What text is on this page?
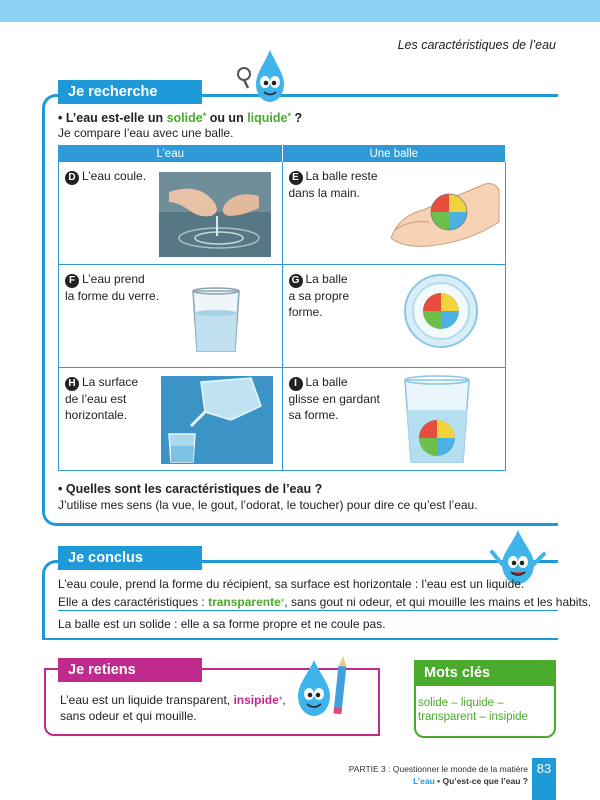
Les caractéristiques de l’eau
Je recherche
• L’eau est-elle un solide* ou un liquide* ?
Je compare l’eau avec une balle.
L’eau	Une balle

D L’eau coule.	E La balle reste
dans la main.

F L’eau prend
la forme du verre.	G La balle
a sa propre
forme.

H La surface
de l’eau est
horizontale.	I La balle
glisse en gardant
sa forme.
• Quelles sont les caractéristiques de l’eau ?
J’utilise mes sens (la vue, le gout, l’odorat, le toucher) pour dire ce qu’est l’eau.
Je conclus
L’eau coule, prend la forme du récipient, sa surface est horizontale : l’eau est un liquide.
Elle a des caractéristiques : transparente*, sans gout ni odeur, et qui mouille les mains et les habits.
La balle est un solide : elle a sa forme propre et ne coule pas.
Je retiens
L’eau est un liquide transparent, insipide*,
sans odeur et qui mouille.
Mots clés
solide – liquide –
transparent – insipide
PARTIE 3 : Questionner le monde de la matière
L’eau • Qu’est-ce que l’eau ?
83
